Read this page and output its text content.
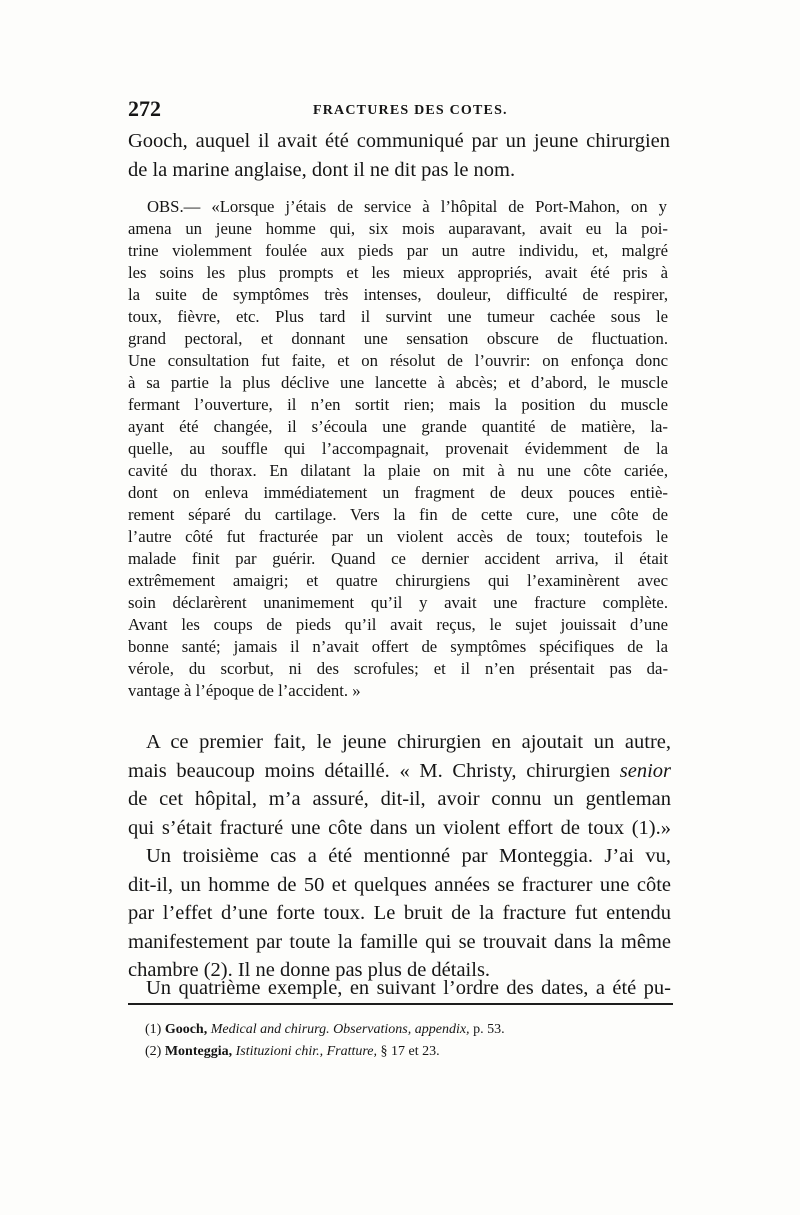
272	FRACTURES DES COTES.
Gooch, auquel il avait été communiqué par un jeune chirurgien
de la marine anglaise, dont il ne dit pas le nom.
OBS.— «Lorsque j’étais de service à l’hôpital de Port-Mahon, on y
amena un jeune homme qui, six mois auparavant, avait eu la poi-
trine violemment foulée aux pieds par un autre individu, et, malgré
les soins les plus prompts et les mieux appropriés, avait été pris à
la suite de symptômes très intenses, douleur, difficulté de respirer,
toux, fièvre, etc. Plus tard il survint une tumeur cachée sous le
grand pectoral, et donnant une sensation obscure de fluctuation.
Une consultation fut faite, et on résolut de l’ouvrir: on enfonça donc
à sa partie la plus déclive une lancette à abcès; et d’abord, le muscle
fermant l’ouverture, il n’en sortit rien; mais la position du muscle
ayant été changée, il s’écoula une grande quantité de matière, la-
quelle, au souffle qui l’accompagnait, provenait évidemment de la
cavité du thorax. En dilatant la plaie on mit à nu une côte cariée,
dont on enleva immédiatement un fragment de deux pouces entiè-
rement séparé du cartilage. Vers la fin de cette cure, une côte de
l’autre côté fut fracturée par un violent accès de toux; toutefois le
malade finit par guérir. Quand ce dernier accident arriva, il était
extrêmement amaigri; et quatre chirurgiens qui l’examinèrent avec
soin déclarèrent unanimement qu’il y avait une fracture complète.
Avant les coups de pieds qu’il avait reçus, le sujet jouissait d’une
bonne santé; jamais il n’avait offert de symptômes spécifiques de la
vérole, du scorbut, ni des scrofules; et il n’en présentait pas da-
vantage à l’époque de l’accident. »
A ce premier fait, le jeune chirurgien en ajoutait un autre,
mais beaucoup moins détaillé. « M. Christy, chirurgien senior
de cet hôpital, m’a assuré, dit-il, avoir connu un gentleman
qui s’était fracturé une côte dans un violent effort de toux (1).»
Un troisième cas a été mentionné par Monteggia. J’ai vu,
dit-il, un homme de 50 et quelques années se fracturer une côte
par l’effet d’une forte toux. Le bruit de la fracture fut entendu
manifestement par toute la famille qui se trouvait dans la même
chambre (2). Il ne donne pas plus de détails.
Un quatrième exemple, en suivant l’ordre des dates, a été pu-
(1) Gooch, Medical and chirurg. Observations, appendix, p. 53.
(2) Monteggia, Istituzioni chir., Fratture, § 17 et 23.
